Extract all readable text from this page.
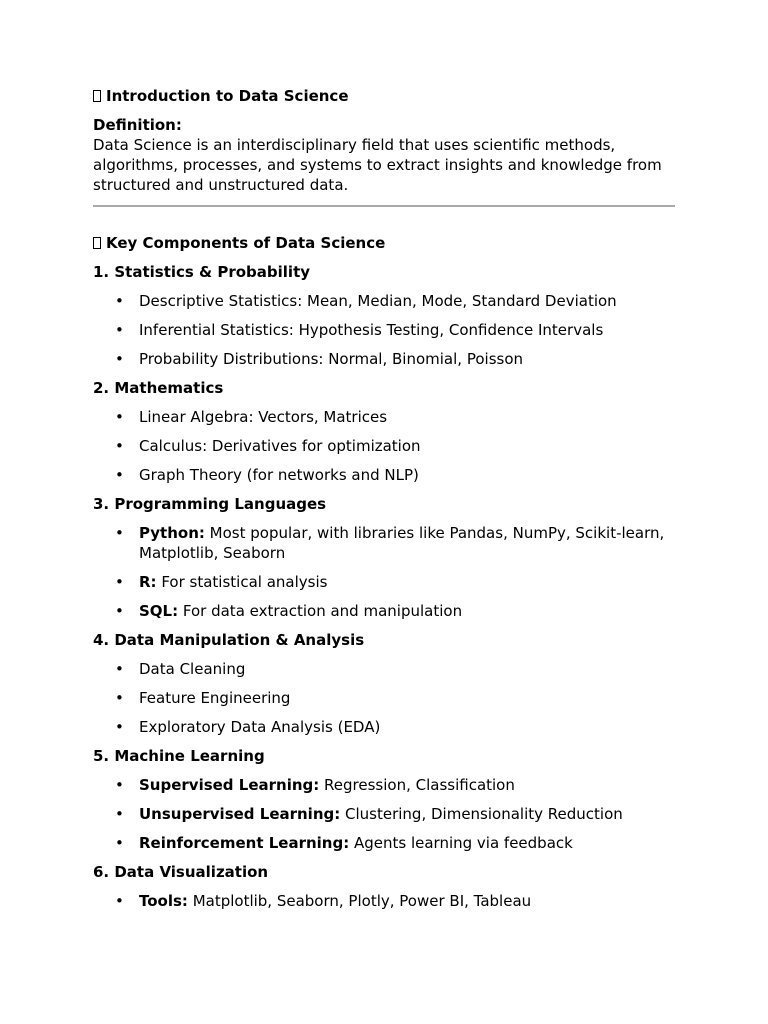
Introduction to Data Science
Definition:

Data Science is an interdisciplinary field that uses scientific methods, algorithms, processes, and systems to extract insights and knowledge from structured and unstructured data.

Key Components of Data Science
1. Statistics & Probability
• Descriptive Statistics: Mean, Median, Mode, Standard Deviation
• Inferential Statistics: Hypothesis Testing, Confidence Intervals
• Probability Distributions: Normal, Binomial, Poisson
2. Mathematics
• Linear Algebra: Vectors, Matrices
• Calculus: Derivatives for optimization
• Graph Theory (for networks and NLP)
3. Programming Languages
• Python: Most popular, with libraries like Pandas, NumPy, Scikit-learn, Matplotlib, Seaborn
• R: For statistical analysis
• SQL: For data extraction and manipulation
4. Data Manipulation & Analysis
• Data Cleaning
• Feature Engineering
• Exploratory Data Analysis (EDA)
5. Machine Learning
• Supervised Learning: Regression, Classification
• Unsupervised Learning: Clustering, Dimensionality Reduction
• Reinforcement Learning: Agents learning via feedback
6. Data Visualization
• Tools: Matplotlib, Seaborn, Plotly, Power BI, Tableau
